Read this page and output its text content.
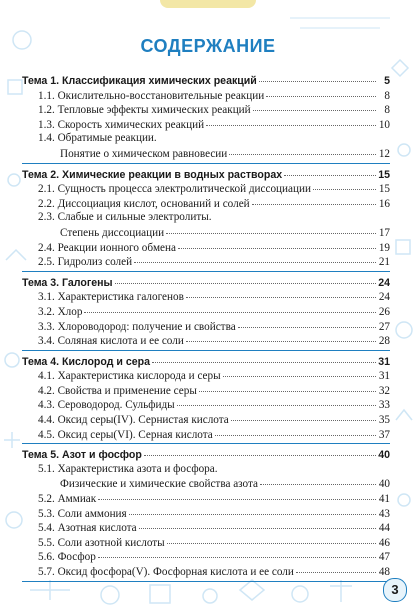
СОДЕРЖАНИЕ
Тема 1. Классификация химических реакций	5
1.1. Окислительно-восстановительные реакции	8
1.2. Тепловые эффекты химических реакций	8
1.3. Скорость химических реакций	10
1.4. Обратимые реакции.
Понятие о химическом равновесии	12
Тема 2. Химические реакции в водных растворах	15
2.1. Сущность процесса электролитической диссоциации	15
2.2. Диссоциация кислот, оснований и солей	16
2.3. Слабые и сильные электролиты.
Степень диссоциации	17
2.4. Реакции ионного обмена	19
2.5. Гидролиз солей	21
Тема 3. Галогены	24
3.1. Характеристика галогенов	24
3.2. Хлор	26
3.3. Хлороводород: получение и свойства	27
3.4. Соляная кислота и ее соли	28
Тема 4. Кислород и сера	31
4.1. Характеристика кислорода и серы	31
4.2. Свойства и применение серы	32
4.3. Сероводород. Сульфиды	33
4.4. Оксид серы(IV). Сернистая кислота	35
4.5. Оксид серы(VI). Серная кислота	37
Тема 5. Азот и фосфор	40
5.1. Характеристика азота и фосфора.
Физические и химические свойства азота	40
5.2. Аммиак	41
5.3. Соли аммония	43
5.4. Азотная кислота	44
5.5. Соли азотной кислоты	46
5.6. Фосфор	47
5.7. Оксид фосфора(V). Фосфорная кислота и ее соли	48
3
